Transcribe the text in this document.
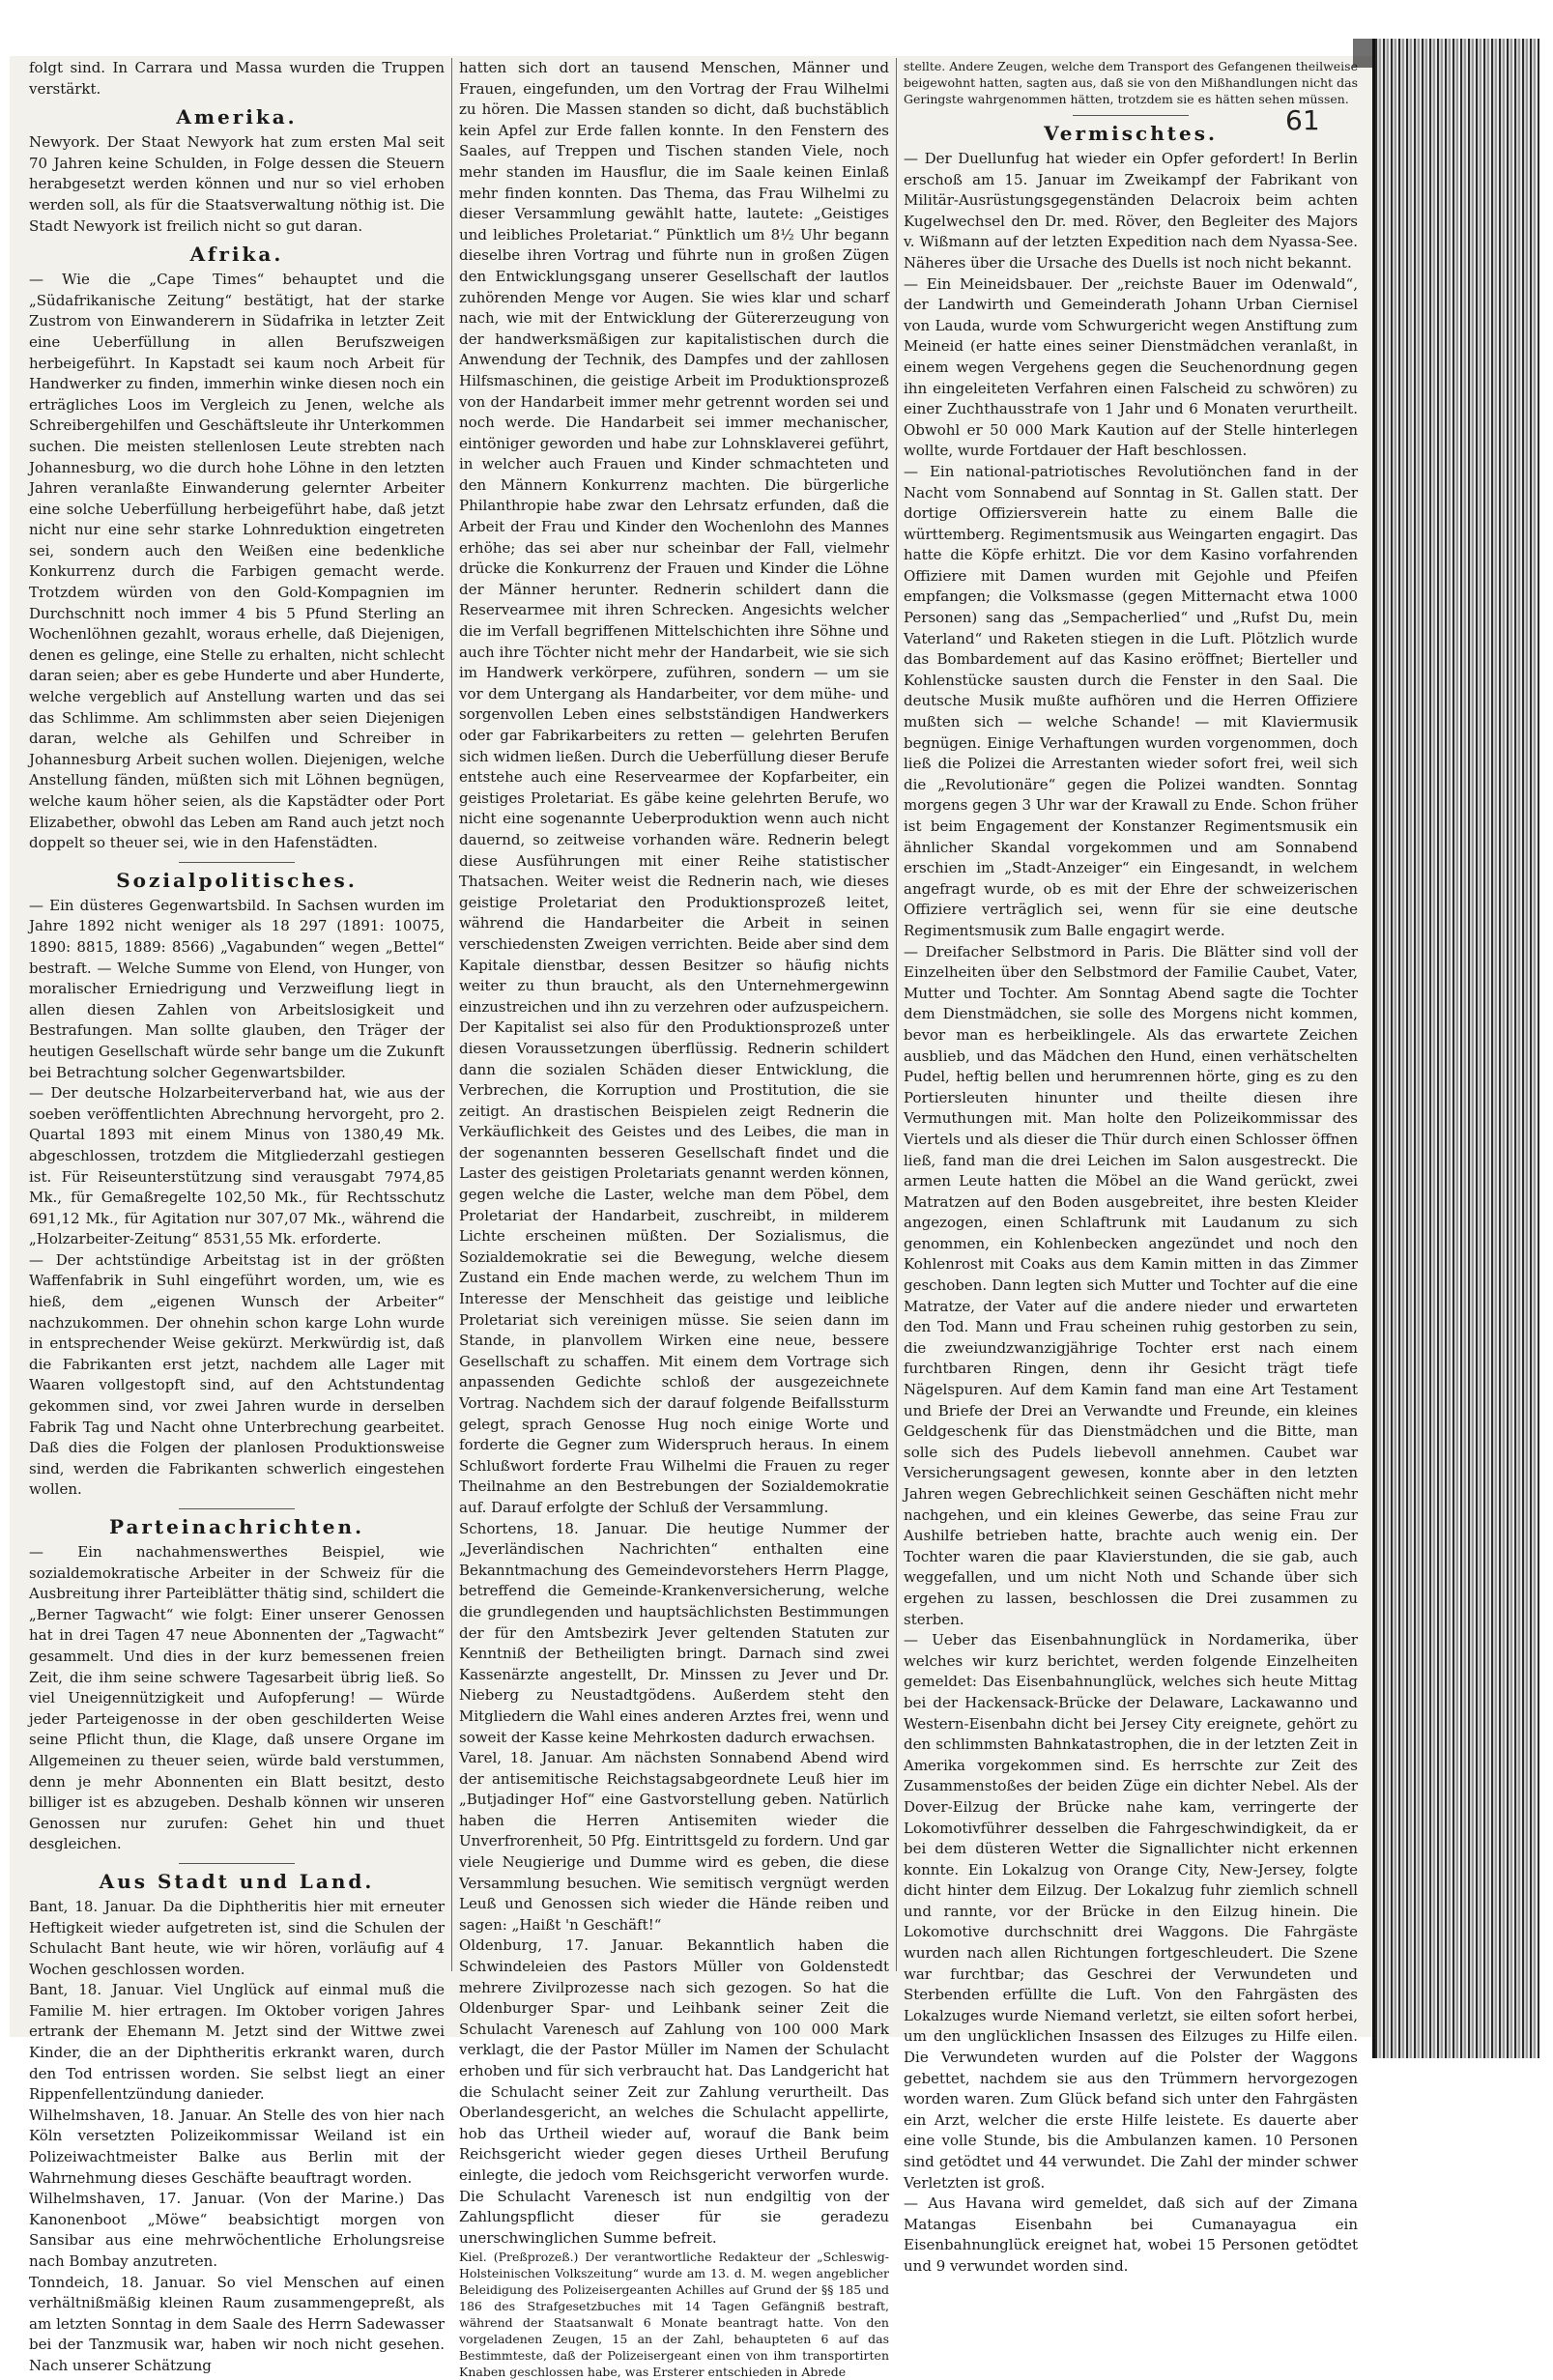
61

folgt sind. In Carrara und Massa wurden die Truppen verstärkt.

Amerika.

Newyork. Der Staat Newyork hat zum ersten Mal seit 70 Jahren keine Schulden, in Folge dessen die Steuern herabgesetzt werden können und nur so viel erhoben werden soll, als für die Staatsverwaltung nöthig ist. Die Stadt Newyork ist freilich nicht so gut daran.

Afrika.

— Wie die „Cape Times“ behauptet und die „Südafrikanische Zeitung“ bestätigt, hat der starke Zustrom von Einwanderern in Südafrika in letzter Zeit eine Ueberfüllung in allen Berufszweigen herbeigeführt. In Kapstadt sei kaum noch Arbeit für Handwerker zu finden, immerhin winke diesen noch ein erträgliches Loos im Vergleich zu Jenen, welche als Schreibergehilfen und Geschäftsleute ihr Unterkommen suchen. Die meisten stellenlosen Leute strebten nach Johannesburg, wo die durch hohe Löhne in den letzten Jahren veranlaßte Einwanderung gelernter Arbeiter eine solche Ueberfüllung herbeigeführt habe, daß jetzt nicht nur eine sehr starke Lohnreduktion eingetreten sei, sondern auch den Weißen eine bedenkliche Konkurrenz durch die Farbigen gemacht werde. Trotzdem würden von den Gold-Kompagnien im Durchschnitt noch immer 4 bis 5 Pfund Sterling an Wochenlöhnen gezahlt, woraus erhelle, daß Diejenigen, denen es gelinge, eine Stelle zu erhalten, nicht schlecht daran seien; aber es gebe Hunderte und aber Hunderte, welche vergeblich auf Anstellung warten und das sei das Schlimme. Am schlimmsten aber seien Diejenigen daran, welche als Gehilfen und Schreiber in Johannesburg Arbeit suchen wollen. Diejenigen, welche Anstellung fänden, müßten sich mit Löhnen begnügen, welche kaum höher seien, als die Kapstädter oder Port Elizabether, obwohl das Leben am Rand auch jetzt noch doppelt so theuer sei, wie in den Hafenstädten.

Sozialpolitisches.

— Ein düsteres Gegenwartsbild. In Sachsen wurden im Jahre 1892 nicht weniger als 18 297 (1891: 10075, 1890: 8815, 1889: 8566) „Vagabunden“ wegen „Bettel“ bestraft. — Welche Summe von Elend, von Hunger, von moralischer Erniedrigung und Verzweiflung liegt in allen diesen Zahlen von Arbeitslosigkeit und Bestrafungen. Man sollte glauben, den Träger der heutigen Gesellschaft würde sehr bange um die Zukunft bei Betrachtung solcher Gegenwartsbilder.

— Der deutsche Holzarbeiterverband hat, wie aus der soeben veröffentlichten Abrechnung hervorgeht, pro 2. Quartal 1893 mit einem Minus von 1380,49 Mk. abgeschlossen, trotzdem die Mitgliederzahl gestiegen ist. Für Reiseunterstützung sind verausgabt 7974,85 Mk., für Gemaßregelte 102,50 Mk., für Rechtsschutz 691,12 Mk., für Agitation nur 307,07 Mk., während die „Holzarbeiter-Zeitung“ 8531,55 Mk. erforderte.

— Der achtstündige Arbeitstag ist in der größten Waffenfabrik in Suhl eingeführt worden, um, wie es hieß, dem „eigenen Wunsch der Arbeiter“ nachzukommen. Der ohnehin schon karge Lohn wurde in entsprechender Weise gekürzt. Merkwürdig ist, daß die Fabrikanten erst jetzt, nachdem alle Lager mit Waaren vollgestopft sind, auf den Achtstundentag gekommen sind, vor zwei Jahren wurde in derselben Fabrik Tag und Nacht ohne Unterbrechung gearbeitet. Daß dies die Folgen der planlosen Produktionsweise sind, werden die Fabrikanten schwerlich eingestehen wollen.

Parteinachrichten.

— Ein nachahmenswerthes Beispiel, wie sozialdemokratische Arbeiter in der Schweiz für die Ausbreitung ihrer Parteiblätter thätig sind, schildert die „Berner Tagwacht“ wie folgt: Einer unserer Genossen hat in drei Tagen 47 neue Abonnenten der „Tagwacht“ gesammelt. Und dies in der kurz bemessenen freien Zeit, die ihm seine schwere Tagesarbeit übrig ließ. So viel Uneigennützigkeit und Aufopferung! — Würde jeder Parteigenosse in der oben geschilderten Weise seine Pflicht thun, die Klage, daß unsere Organe im Allgemeinen zu theuer seien, würde bald verstummen, denn je mehr Abonnenten ein Blatt besitzt, desto billiger ist es abzugeben. Deshalb können wir unseren Genossen nur zurufen: Gehet hin und thuet desgleichen.

Aus Stadt und Land.

Bant, 18. Januar. Da die Diphtheritis hier mit erneuter Heftigkeit wieder aufgetreten ist, sind die Schulen der Schulacht Bant heute, wie wir hören, vorläufig auf 4 Wochen geschlossen worden.

Bant, 18. Januar. Viel Unglück auf einmal muß die Familie M. hier ertragen. Im Oktober vorigen Jahres ertrank der Ehemann M. Jetzt sind der Wittwe zwei Kinder, die an der Diphtheritis erkrankt waren, durch den Tod entrissen worden. Sie selbst liegt an einer Rippenfellentzündung danieder.

Wilhelmshaven, 18. Januar. An Stelle des von hier nach Köln versetzten Polizeikommissar Weiland ist ein Polizeiwachtmeister Balke aus Berlin mit der Wahrnehmung dieses Geschäfte beauftragt worden.

Wilhelmshaven, 17. Januar. (Von der Marine.) Das Kanonenboot „Möwe“ beabsichtigt morgen von Sansibar aus eine mehrwöchentliche Erholungsreise nach Bombay anzutreten.

Tonndeich, 18. Januar. So viel Menschen auf einen verhältnißmäßig kleinen Raum zusammengepreßt, als am letzten Sonntag in dem Saale des Herrn Sadewasser bei der Tanzmusik war, haben wir noch nicht gesehen. Nach unserer Schätzung

hatten sich dort an tausend Menschen, Männer und Frauen, eingefunden, um den Vortrag der Frau Wilhelmi zu hören. Die Massen standen so dicht, daß buchstäblich kein Apfel zur Erde fallen konnte. In den Fenstern des Saales, auf Treppen und Tischen standen Viele, noch mehr standen im Hausflur, die im Saale keinen Einlaß mehr finden konnten. Das Thema, das Frau Wilhelmi zu dieser Versammlung gewählt hatte, lautete: „Geistiges und leibliches Proletariat.“ Pünktlich um 8½ Uhr begann dieselbe ihren Vortrag und führte nun in großen Zügen den Entwicklungsgang unserer Gesellschaft der lautlos zuhörenden Menge vor Augen. Sie wies klar und scharf nach, wie mit der Entwicklung der Gütererzeugung von der handwerksmäßigen zur kapitalistischen durch die Anwendung der Technik, des Dampfes und der zahllosen Hilfsmaschinen, die geistige Arbeit im Produktionsprozeß von der Handarbeit immer mehr getrennt worden sei und noch werde. Die Handarbeit sei immer mechanischer, eintöniger geworden und habe zur Lohnsklaverei geführt, in welcher auch Frauen und Kinder schmachteten und den Männern Konkurrenz machten. Die bürgerliche Philanthropie habe zwar den Lehrsatz erfunden, daß die Arbeit der Frau und Kinder den Wochenlohn des Mannes erhöhe; das sei aber nur scheinbar der Fall, vielmehr drücke die Konkurrenz der Frauen und Kinder die Löhne der Männer herunter. Rednerin schildert dann die Reservearmee mit ihren Schrecken. Angesichts welcher die im Verfall begriffenen Mittelschichten ihre Söhne und auch ihre Töchter nicht mehr der Handarbeit, wie sie sich im Handwerk verkörpere, zuführen, sondern — um sie vor dem Untergang als Handarbeiter, vor dem mühe- und sorgenvollen Leben eines selbstständigen Handwerkers oder gar Fabrikarbeiters zu retten — gelehrten Berufen sich widmen ließen. Durch die Ueberfüllung dieser Berufe entstehe auch eine Reservearmee der Kopfarbeiter, ein geistiges Proletariat. Es gäbe keine gelehrten Berufe, wo nicht eine sogenannte Ueberproduktion wenn auch nicht dauernd, so zeitweise vorhanden wäre. Rednerin belegt diese Ausführungen mit einer Reihe statistischer Thatsachen. Weiter weist die Rednerin nach, wie dieses geistige Proletariat den Produktionsprozeß leitet, während die Handarbeiter die Arbeit in seinen verschiedensten Zweigen verrichten. Beide aber sind dem Kapitale dienstbar, dessen Besitzer so häufig nichts weiter zu thun braucht, als den Unternehmergewinn einzustreichen und ihn zu verzehren oder aufzuspeichern. Der Kapitalist sei also für den Produktionsprozeß unter diesen Voraussetzungen überflüssig. Rednerin schildert dann die sozialen Schäden dieser Entwicklung, die Verbrechen, die Korruption und Prostitution, die sie zeitigt. An drastischen Beispielen zeigt Rednerin die Verkäuflichkeit des Geistes und des Leibes, die man in der sogenannten besseren Gesellschaft findet und die Laster des geistigen Proletariats genannt werden können, gegen welche die Laster, welche man dem Pöbel, dem Proletariat der Handarbeit, zuschreibt, in milderem Lichte erscheinen müßten. Der Sozialismus, die Sozialdemokratie sei die Bewegung, welche diesem Zustand ein Ende machen werde, zu welchem Thun im Interesse der Menschheit das geistige und leibliche Proletariat sich vereinigen müsse. Sie seien dann im Stande, in planvollem Wirken eine neue, bessere Gesellschaft zu schaffen. Mit einem dem Vortrage sich anpassenden Gedichte schloß der ausgezeichnete Vortrag. Nachdem sich der darauf folgende Beifallssturm gelegt, sprach Genosse Hug noch einige Worte und forderte die Gegner zum Widerspruch heraus. In einem Schlußwort forderte Frau Wilhelmi die Frauen zu reger Theilnahme an den Bestrebungen der Sozialdemokratie auf. Darauf erfolgte der Schluß der Versammlung.

Schortens, 18. Januar. Die heutige Nummer der „Jeverländischen Nachrichten“ enthalten eine Bekanntmachung des Gemeindevorstehers Herrn Plagge, betreffend die Gemeinde-Krankenversicherung, welche die grundlegenden und hauptsächlichsten Bestimmungen der für den Amtsbezirk Jever geltenden Statuten zur Kenntniß der Betheiligten bringt. Darnach sind zwei Kassenärzte angestellt, Dr. Minssen zu Jever und Dr. Nieberg zu Neustadtgödens. Außerdem steht den Mitgliedern die Wahl eines anderen Arztes frei, wenn und soweit der Kasse keine Mehrkosten dadurch erwachsen.

Varel, 18. Januar. Am nächsten Sonnabend Abend wird der antisemitische Reichstagsabgeordnete Leuß hier im „Butjadinger Hof“ eine Gastvorstellung geben. Natürlich haben die Herren Antisemiten wieder die Unverfrorenheit, 50 Pfg. Eintrittsgeld zu fordern. Und gar viele Neugierige und Dumme wird es geben, die diese Versammlung besuchen. Wie semitisch vergnügt werden Leuß und Genossen sich wieder die Hände reiben und sagen: „Haißt 'n Geschäft!“

Oldenburg, 17. Januar. Bekanntlich haben die Schwindeleien des Pastors Müller von Goldenstedt mehrere Zivilprozesse nach sich gezogen. So hat die Oldenburger Spar- und Leihbank seiner Zeit die Schulacht Varenesch auf Zahlung von 100 000 Mark verklagt, die der Pastor Müller im Namen der Schulacht erhoben und für sich verbraucht hat. Das Landgericht hat die Schulacht seiner Zeit zur Zahlung verurtheilt. Das Oberlandesgericht, an welches die Schulacht appellirte, hob das Urtheil wieder auf, worauf die Bank beim Reichsgericht wieder gegen dieses Urtheil Berufung einlegte, die jedoch vom Reichsgericht verworfen wurde. Die Schulacht Varenesch ist nun endgiltig von der Zahlungspflicht dieser für sie geradezu unerschwinglichen Summe befreit.

Kiel. (Preßprozeß.) Der verantwortliche Redakteur der „Schleswig-Holsteinischen Volkszeitung“ wurde am 13. d. M. wegen angeblicher Beleidigung des Polizeisergeanten Achilles auf Grund der §§ 185 und 186 des Strafgesetzbuches mit 14 Tagen Gefängniß bestraft, während der Staatsanwalt 6 Monate beantragt hatte. Von den vorgeladenen Zeugen, 15 an der Zahl, behaupteten 6 auf das Bestimmteste, daß der Polizeisergeant einen von ihm transportirten Knaben geschlossen habe, was Ersterer entschieden in Abrede

stellte. Andere Zeugen, welche dem Transport des Gefangenen theilweise beigewohnt hatten, sagten aus, daß sie von den Mißhandlungen nicht das Geringste wahrgenommen hätten, trotzdem sie es hätten sehen müssen.

Vermischtes.

— Der Duellunfug hat wieder ein Opfer gefordert! In Berlin erschoß am 15. Januar im Zweikampf der Fabrikant von Militär-Ausrüstungsgegenständen Delacroix beim achten Kugelwechsel den Dr. med. Röver, den Begleiter des Majors v. Wißmann auf der letzten Expedition nach dem Nyassa-See. Näheres über die Ursache des Duells ist noch nicht bekannt.

— Ein Meineidsbauer. Der „reichste Bauer im Odenwald“, der Landwirth und Gemeinderath Johann Urban Ciernisel von Lauda, wurde vom Schwurgericht wegen Anstiftung zum Meineid (er hatte eines seiner Dienstmädchen veranlaßt, in einem wegen Vergehens gegen die Seuchenordnung gegen ihn eingeleiteten Verfahren einen Falscheid zu schwören) zu einer Zuchthausstrafe von 1 Jahr und 6 Monaten verurtheilt. Obwohl er 50 000 Mark Kaution auf der Stelle hinterlegen wollte, wurde Fortdauer der Haft beschlossen.

— Ein national-patriotisches Revolutiönchen fand in der Nacht vom Sonnabend auf Sonntag in St. Gallen statt. Der dortige Offiziersverein hatte zu einem Balle die württemberg. Regimentsmusik aus Weingarten engagirt. Das hatte die Köpfe erhitzt. Die vor dem Kasino vorfahrenden Offiziere mit Damen wurden mit Gejohle und Pfeifen empfangen; die Volksmasse (gegen Mitternacht etwa 1000 Personen) sang das „Sempacherlied“ und „Rufst Du, mein Vaterland“ und Raketen stiegen in die Luft. Plötzlich wurde das Bombardement auf das Kasino eröffnet; Bierteller und Kohlenstücke sausten durch die Fenster in den Saal. Die deutsche Musik mußte aufhören und die Herren Offiziere mußten sich — welche Schande! — mit Klaviermusik begnügen. Einige Verhaftungen wurden vorgenommen, doch ließ die Polizei die Arrestanten wieder sofort frei, weil sich die „Revolutionäre“ gegen die Polizei wandten. Sonntag morgens gegen 3 Uhr war der Krawall zu Ende. Schon früher ist beim Engagement der Konstanzer Regimentsmusik ein ähnlicher Skandal vorgekommen und am Sonnabend erschien im „Stadt-Anzeiger“ ein Eingesandt, in welchem angefragt wurde, ob es mit der Ehre der schweizerischen Offiziere verträglich sei, wenn für sie eine deutsche Regimentsmusik zum Balle engagirt werde.

— Dreifacher Selbstmord in Paris. Die Blätter sind voll der Einzelheiten über den Selbstmord der Familie Caubet, Vater, Mutter und Tochter. Am Sonntag Abend sagte die Tochter dem Dienstmädchen, sie solle des Morgens nicht kommen, bevor man es herbeiklingele. Als das erwartete Zeichen ausblieb, und das Mädchen den Hund, einen verhätschelten Pudel, heftig bellen und herumrennen hörte, ging es zu den Portiersleuten hinunter und theilte diesen ihre Vermuthungen mit. Man holte den Polizeikommissar des Viertels und als dieser die Thür durch einen Schlosser öffnen ließ, fand man die drei Leichen im Salon ausgestreckt. Die armen Leute hatten die Möbel an die Wand gerückt, zwei Matratzen auf den Boden ausgebreitet, ihre besten Kleider angezogen, einen Schlaftrunk mit Laudanum zu sich genommen, ein Kohlenbecken angezündet und noch den Kohlenrost mit Coaks aus dem Kamin mitten in das Zimmer geschoben. Dann legten sich Mutter und Tochter auf die eine Matratze, der Vater auf die andere nieder und erwarteten den Tod. Mann und Frau scheinen ruhig gestorben zu sein, die zweiundzwanzigjährige Tochter erst nach einem furchtbaren Ringen, denn ihr Gesicht trägt tiefe Nägelspuren. Auf dem Kamin fand man eine Art Testament und Briefe der Drei an Verwandte und Freunde, ein kleines Geldgeschenk für das Dienstmädchen und die Bitte, man solle sich des Pudels liebevoll annehmen. Caubet war Versicherungsagent gewesen, konnte aber in den letzten Jahren wegen Gebrechlichkeit seinen Geschäften nicht mehr nachgehen, und ein kleines Gewerbe, das seine Frau zur Aushilfe betrieben hatte, brachte auch wenig ein. Der Tochter waren die paar Klavierstunden, die sie gab, auch weggefallen, und um nicht Noth und Schande über sich ergehen zu lassen, beschlossen die Drei zusammen zu sterben.

— Ueber das Eisenbahnunglück in Nordamerika, über welches wir kurz berichtet, werden folgende Einzelheiten gemeldet: Das Eisenbahnunglück, welches sich heute Mittag bei der Hackensack-Brücke der Delaware, Lackawanno und Western-Eisenbahn dicht bei Jersey City ereignete, gehört zu den schlimmsten Bahnkatastrophen, die in der letzten Zeit in Amerika vorgekommen sind. Es herrschte zur Zeit des Zusammenstoßes der beiden Züge ein dichter Nebel. Als der Dover-Eilzug der Brücke nahe kam, verringerte der Lokomotivführer desselben die Fahrgeschwindigkeit, da er bei dem düsteren Wetter die Signallichter nicht erkennen konnte. Ein Lokalzug von Orange City, New-Jersey, folgte dicht hinter dem Eilzug. Der Lokalzug fuhr ziemlich schnell und rannte, vor der Brücke in den Eilzug hinein. Die Lokomotive durchschnitt drei Waggons. Die Fahrgäste wurden nach allen Richtungen fortgeschleudert. Die Szene war furchtbar; das Geschrei der Verwundeten und Sterbenden erfüllte die Luft. Von den Fahrgästen des Lokalzuges wurde Niemand verletzt, sie eilten sofort herbei, um den unglücklichen Insassen des Eilzuges zu Hilfe eilen. Die Verwundeten wurden auf die Polster der Waggons gebettet, nachdem sie aus den Trümmern hervorgezogen worden waren. Zum Glück befand sich unter den Fahrgästen ein Arzt, welcher die erste Hilfe leistete. Es dauerte aber eine volle Stunde, bis die Ambulanzen kamen. 10 Personen sind getödtet und 44 verwundet. Die Zahl der minder schwer Verletzten ist groß.

— Aus Havana wird gemeldet, daß sich auf der Zimana Matangas Eisenbahn bei Cumanayagua ein Eisenbahnunglück ereignet hat, wobei 15 Personen getödtet und 9 verwundet worden sind.
